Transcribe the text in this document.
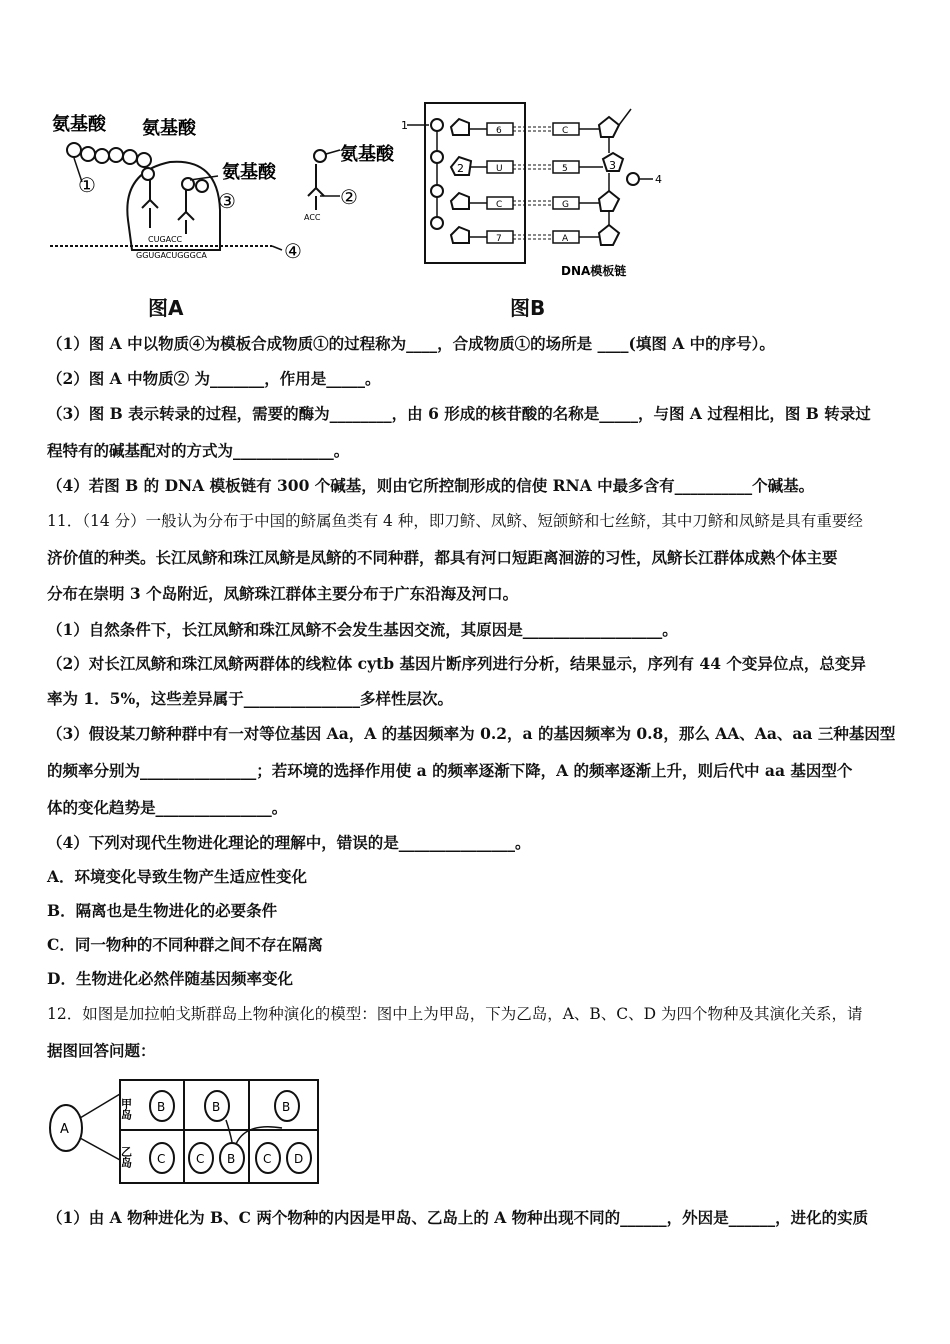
氨基酸 氨基酸
氨基酸
①
③
CUGACC
GGUGACUGGGCA	④
氨基酸
ACC
②
图A
1	6	C
2	U	5	3
4
C	G
7	A
DNA模板链
图B
（1）图 A 中以物质④为模板合成物质①的过程称为____，合成物质①的场所是 ____(填图 A 中的序号）。
（2）图 A 中物质② 为_______，作用是_____。
（3）图 B 表示转录的过程，需要的酶为________，由 6 形成的核苷酸的名称是_____，与图 A 过程相比，图 B 转录过
程特有的碱基配对的方式为_____________。
（4）若图 B 的 DNA 模板链有 300 个碱基，则由它所控制形成的信使 RNA 中最多含有__________个碱基。
11．（14 分）一般认为分布于中国的鲚属鱼类有 4 种，即刀鲚、凤鲚、短颌鲚和七丝鲚，其中刀鲚和凤鲚是具有重要经
济价值的种类。长江凤鲚和珠江凤鲚是凤鲚的不同种群，都具有河口短距离洄游的习性，凤鲚长江群体成熟个体主要
分布在崇明 3 个岛附近，凤鲚珠江群体主要分布于广东沿海及河口。
（1）自然条件下，长江凤鲚和珠江凤鲚不会发生基因交流，其原因是__________________。
（2）对长江凤鲚和珠江凤鲚两群体的线粒体 cytb 基因片断序列进行分析，结果显示，序列有 44 个变异位点，总变异
率为 1．5%，这些差异属于_______________多样性层次。
（3）假设某刀鲚种群中有一对等位基因 Aa，A 的基因频率为 0.2，a 的基因频率为 0.8，那么 AA、Aa、aa 三种基因型
的频率分别为_______________；若环境的选择作用使 a 的频率逐渐下降，A 的频率逐渐上升，则后代中 aa 基因型个
体的变化趋势是_______________。
（4）下列对现代生物进化理论的理解中，错误的是_______________。
A．环境变化导致生物产生适应性变化
B．隔离也是生物进化的必要条件
C．同一物种的不同种群之间不存在隔离
D．生物进化必然伴随基因频率变化
12．如图是加拉帕戈斯群岛上物种演化的模型：图中上为甲岛，下为乙岛，A、B、C、D 为四个物种及其演化关系，请
据图回答问题：
A
甲岛
乙岛
B	B	B
C	C B C D
（1）由 A 物种进化为 B、C 两个物种的内因是甲岛、乙岛上的 A 物种出现不同的______，外因是______，进化的实质
